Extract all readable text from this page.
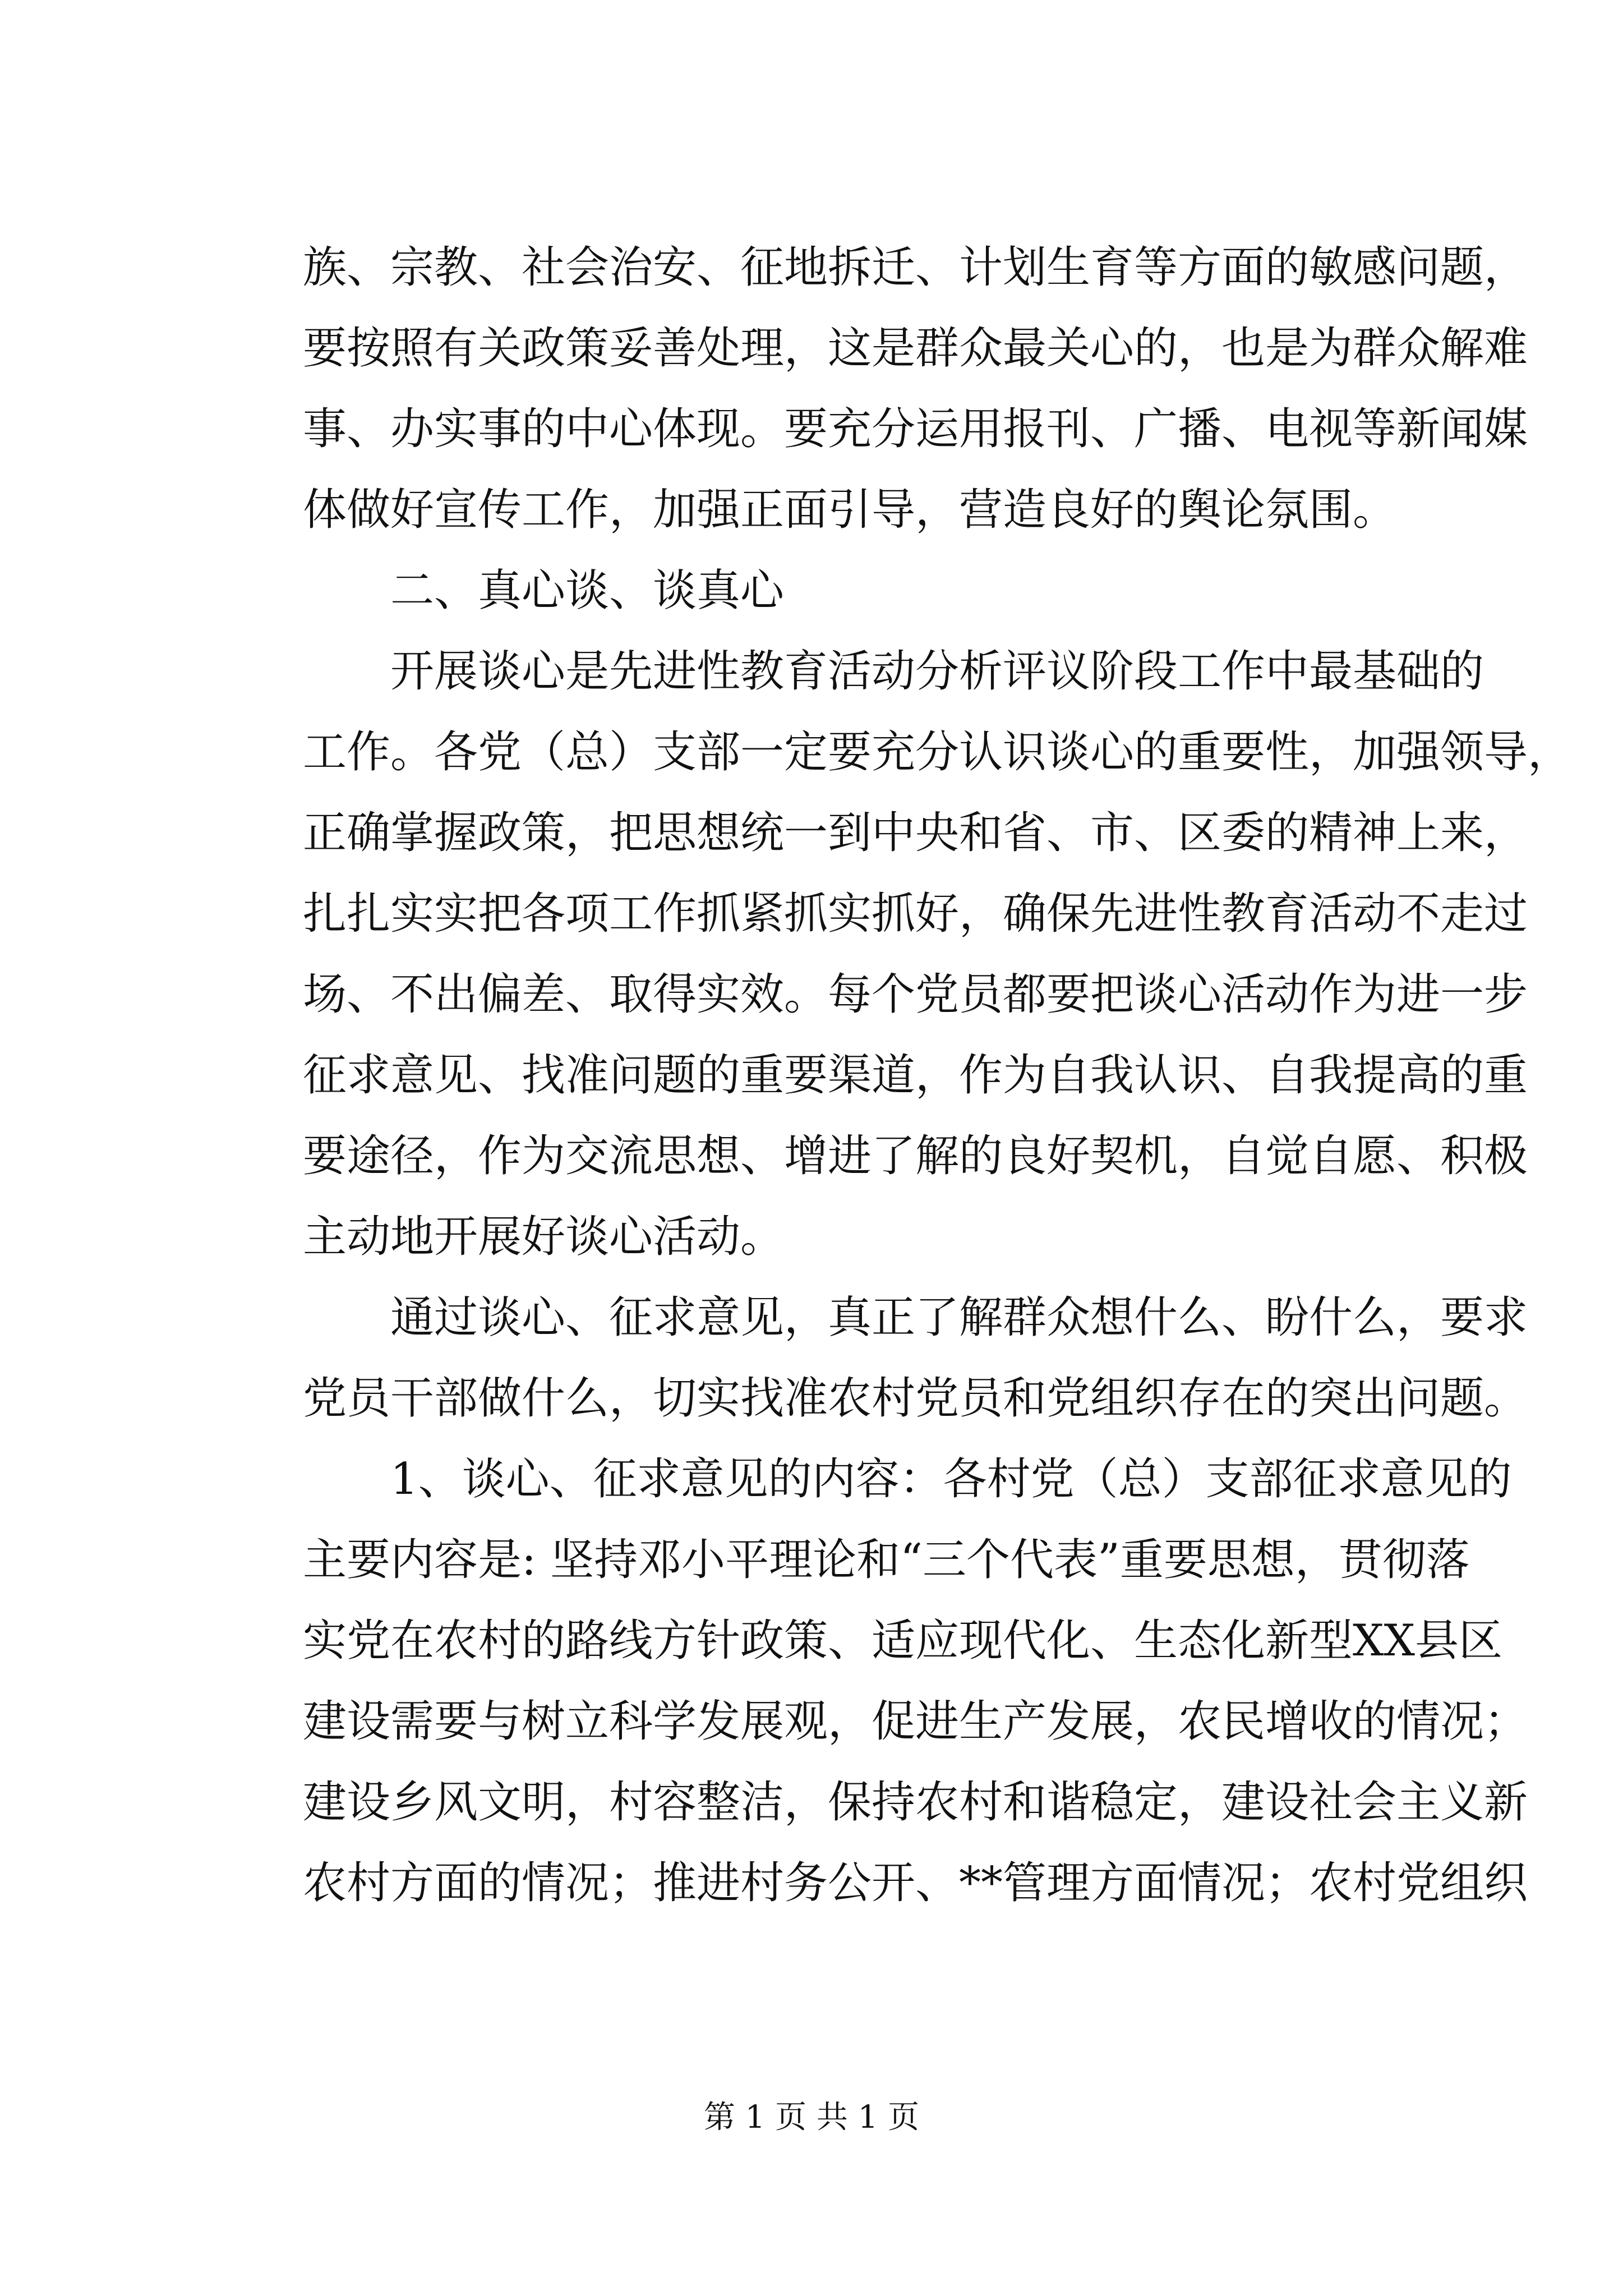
族、宗教、社会治安、征地拆迁、计划生育等方面的敏感问题，
要按照有关政策妥善处理，这是群众最关心的，也是为群众解难
事、办实事的中心体现。要充分运用报刊、广播、电视等新闻媒
体做好宣传工作，加强正面引导，营造良好的舆论氛围。
二、真心谈、谈真心
开展谈心是先进性教育活动分析评议阶段工作中最基础的
工作。各党（总）支部一定要充分认识谈心的重要性，加强领导，
正确掌握政策，把思想统一到中央和省、市、区委的精神上来，
扎扎实实把各项工作抓紧抓实抓好，确保先进性教育活动不走过
场、不出偏差、取得实效。每个党员都要把谈心活动作为进一步
征求意见、找准问题的重要渠道，作为自我认识、自我提高的重
要途径，作为交流思想、增进了解的良好契机，自觉自愿、积极
主动地开展好谈心活动。
通过谈心、征求意见，真正了解群众想什么、盼什么，要求
党员干部做什么，切实找准农村党员和党组织存在的突出问题。
1、谈心、征求意见的内容：各村党（总）支部征求意见的
主要内容是: 坚持邓小平理论和“三个代表”重要思想，贯彻落
实党在农村的路线方针政策、适应现代化、生态化新型XX县区
建设需要与树立科学发展观，促进生产发展，农民增收的情况；
建设乡风文明，村容整洁，保持农村和谐稳定，建设社会主义新
农村方面的情况；推进村务公开、**管理方面情况；农村党组织
第 1 页 共 1 页
